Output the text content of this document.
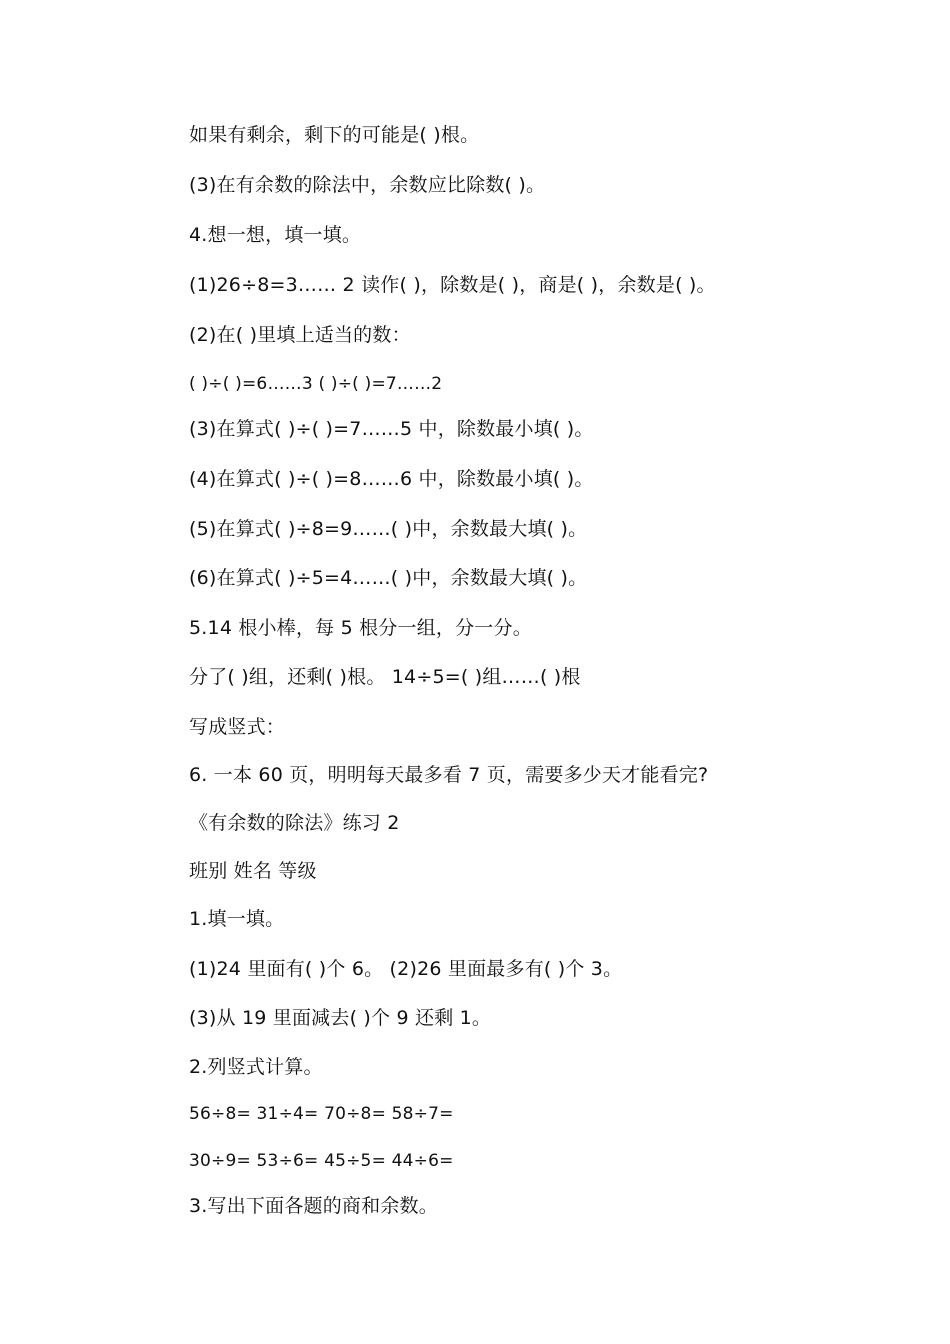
如果有剩余，剩下的可能是( )根。
(3)在有余数的除法中，余数应比除数( )。
4.想一想，填一填。
(1)26÷8=3…… 2 读作( )，除数是( )，商是( )，余数是( )。
(2)在( )里填上适当的数：
( )÷( )=6……3 ( )÷( )=7……2
(3)在算式( )÷( )=7……5 中，除数最小填( )。
(4)在算式( )÷( )=8……6 中，除数最小填( )。
(5)在算式( )÷8=9……( )中，余数最大填( )。
(6)在算式( )÷5=4……( )中，余数最大填( )。
5.14 根小棒，每 5 根分一组，分一分。
分了( )组，还剩( )根。 14÷5=( )组……( )根
写成竖式：
6. 一本 60 页，明明每天最多看 7 页，需要多少天才能看完?
《有余数的除法》练习 2
班别 姓名 等级
1.填一填。
(1)24 里面有( )个 6。 (2)26 里面最多有( )个 3。
(3)从 19 里面减去( )个 9 还剩 1。
2.列竖式计算。
56÷8= 31÷4= 70÷8= 58÷7=
30÷9= 53÷6= 45÷5= 44÷6=
3.写出下面各题的商和余数。
